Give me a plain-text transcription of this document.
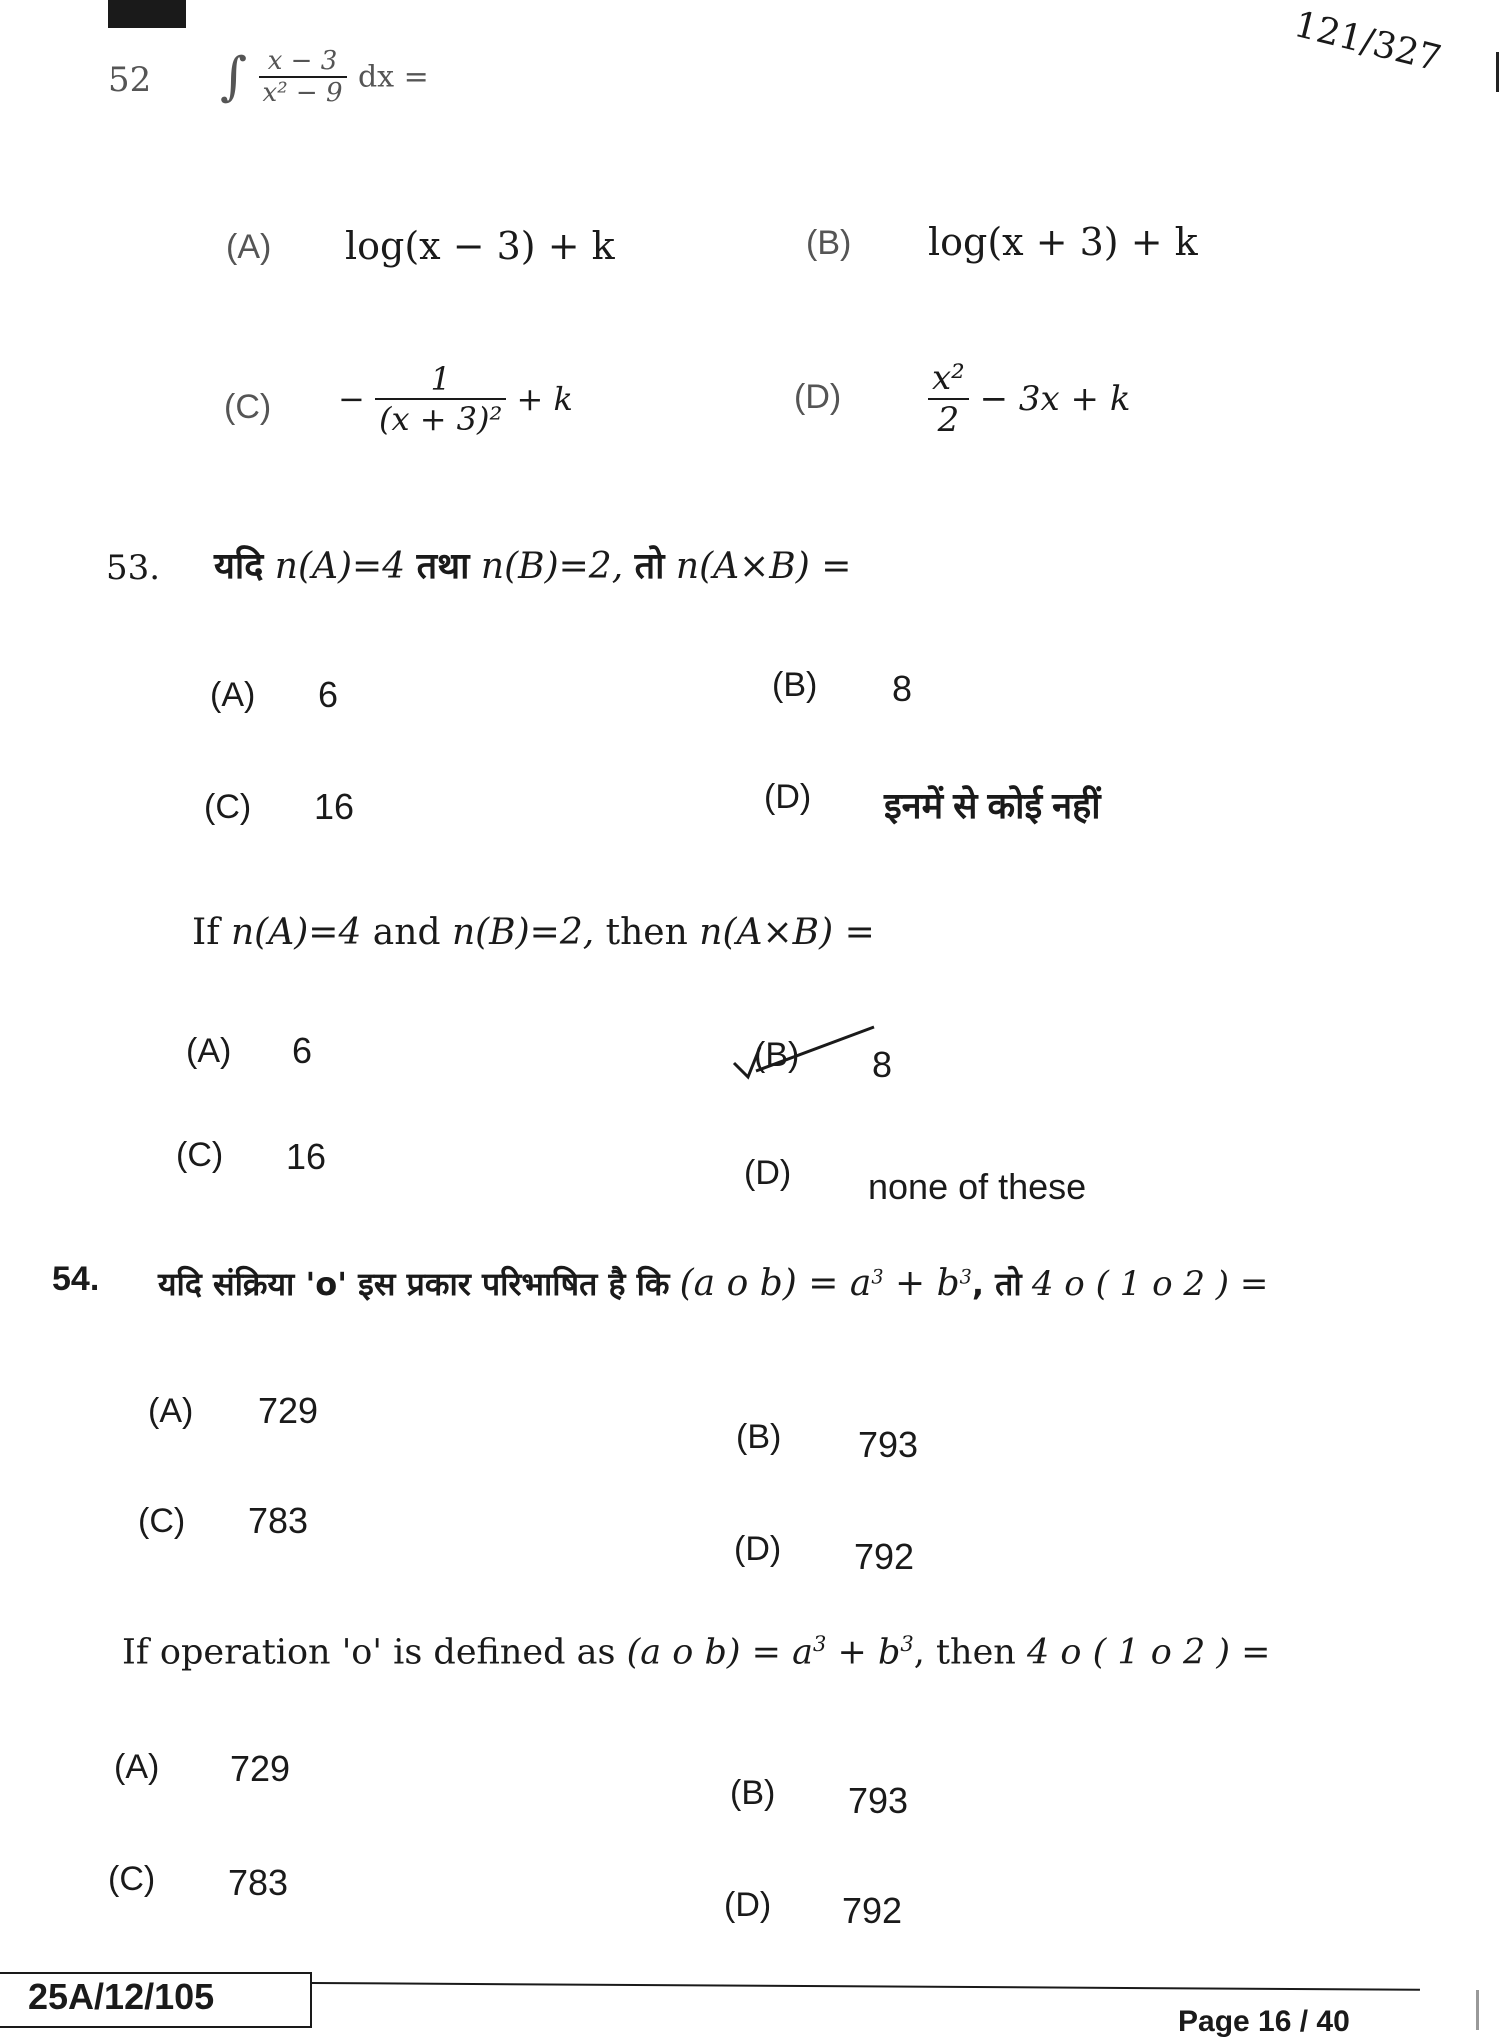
121/327
52 ∫ $\frac{x - 3}{\text{x² − 9}}$ dx =
(A) log(x − 3) + k	(B) log(x + 3) + k
$(C) - \frac{1}{\text{(x + 3)²}} + k$	(D)	$\frac{\text{x²}}{2} - 3x + k$
53. यदि n(A)=4 तथा n(B)=2, तो n(A×B) =
(A) 6	(B) 8
(C) 16	(D) इनमें से कोई नहीं
If n(A)=4 and n(B)=2, then n(A×B) =
(A) 6	(B) 8
(C) 16	(D) none of these
54. यदि संक्रिया 'o' इस प्रकार परिभाषित है कि (a o $b) = a^3 + b^3$, तो 4 o ( 1 o 2 ) =
(A) 729
(B) 793
(C) 783
(D) 792
If operation 'o' is defined as (a o $b) = a^3 + b^3$, then 4 o ( 1 o 2 ) =
(A) 729
(B) 793
(C) 783
(D) 792
25A/12/105
Page 16 / 40
